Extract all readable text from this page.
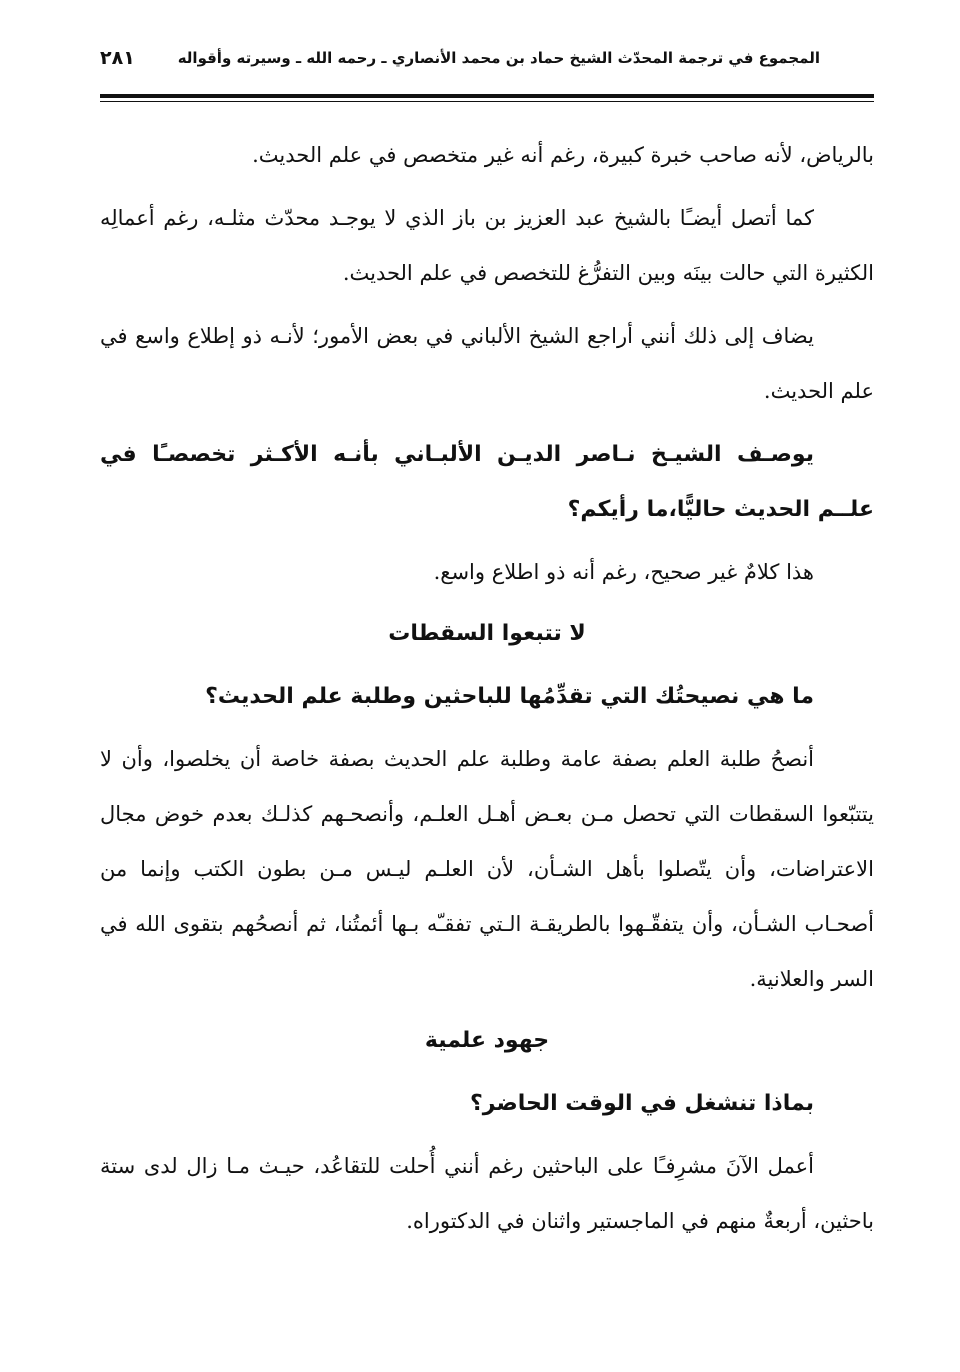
المجموع في ترجمة المحدّث الشيخ حماد بن محمد الأنصاري ـ رحمه الله ـ وسيرته وأقواله
٢٨١

بالرياض، لأنه صاحب خبرة كبيرة، رغم أنه غير متخصص في علم الحديث.

كما أتصل أيضـًا بالشيخ عبد العزيز بن باز الذي لا يوجـد محدّث مثلـه، رغم أعمالِه الكثيرة التي حالت بينَه وبين التفرُّغ للتخصص في علم الحديث.

يضاف إلى ذلك أنني أراجع الشيخ الألباني في بعض الأمور؛ لأنـه ذو إطلاع واسع في علم الحديث.

يوصـف الشيـخ نـاصر الديـن الألبـاني بأنـه الأكـثر تخصصـًا في علــم الحديث حاليًّا،ما رأيكم؟

هذا كلامٌ غير صحيح، رغم أنه ذو اطلاع واسع.

لا تتبعوا السقطات

ما هي نصيحتُك التي تقدِّمُها للباحثين وطلبة علم الحديث؟

أنصحُ طلبة العلم بصفة عامة وطلبة علم الحديث بصفة خاصة أن يخلصوا، وأن لا يتتبّعوا السقطات التي تحصل مـن بعـض أهـل العلـم، وأنصحـهم كذلـك بعدم خوض مجال الاعتراضات، وأن يتّصلوا بأهل الشـأن، لأن العلـم ليـس مـن بطون الكتب وإنما من أصحـاب الشـأن، وأن يتفقّـهوا بالطريقـة الـتي تفقـّه بـها أئمتُنا، ثم أنصحُهم بتقوى الله في السر والعلانية.

جهود علمية

بماذا تنشغل في الوقت الحاضر؟

أعمل الآنَ مشرِفـًا على الباحثين رغم أنني أُحلت للتقاعُد، حيـث مـا زال لدى ستة باحثين، أربعةٌ منهم في الماجستير واثنان في الدكتوراه.
